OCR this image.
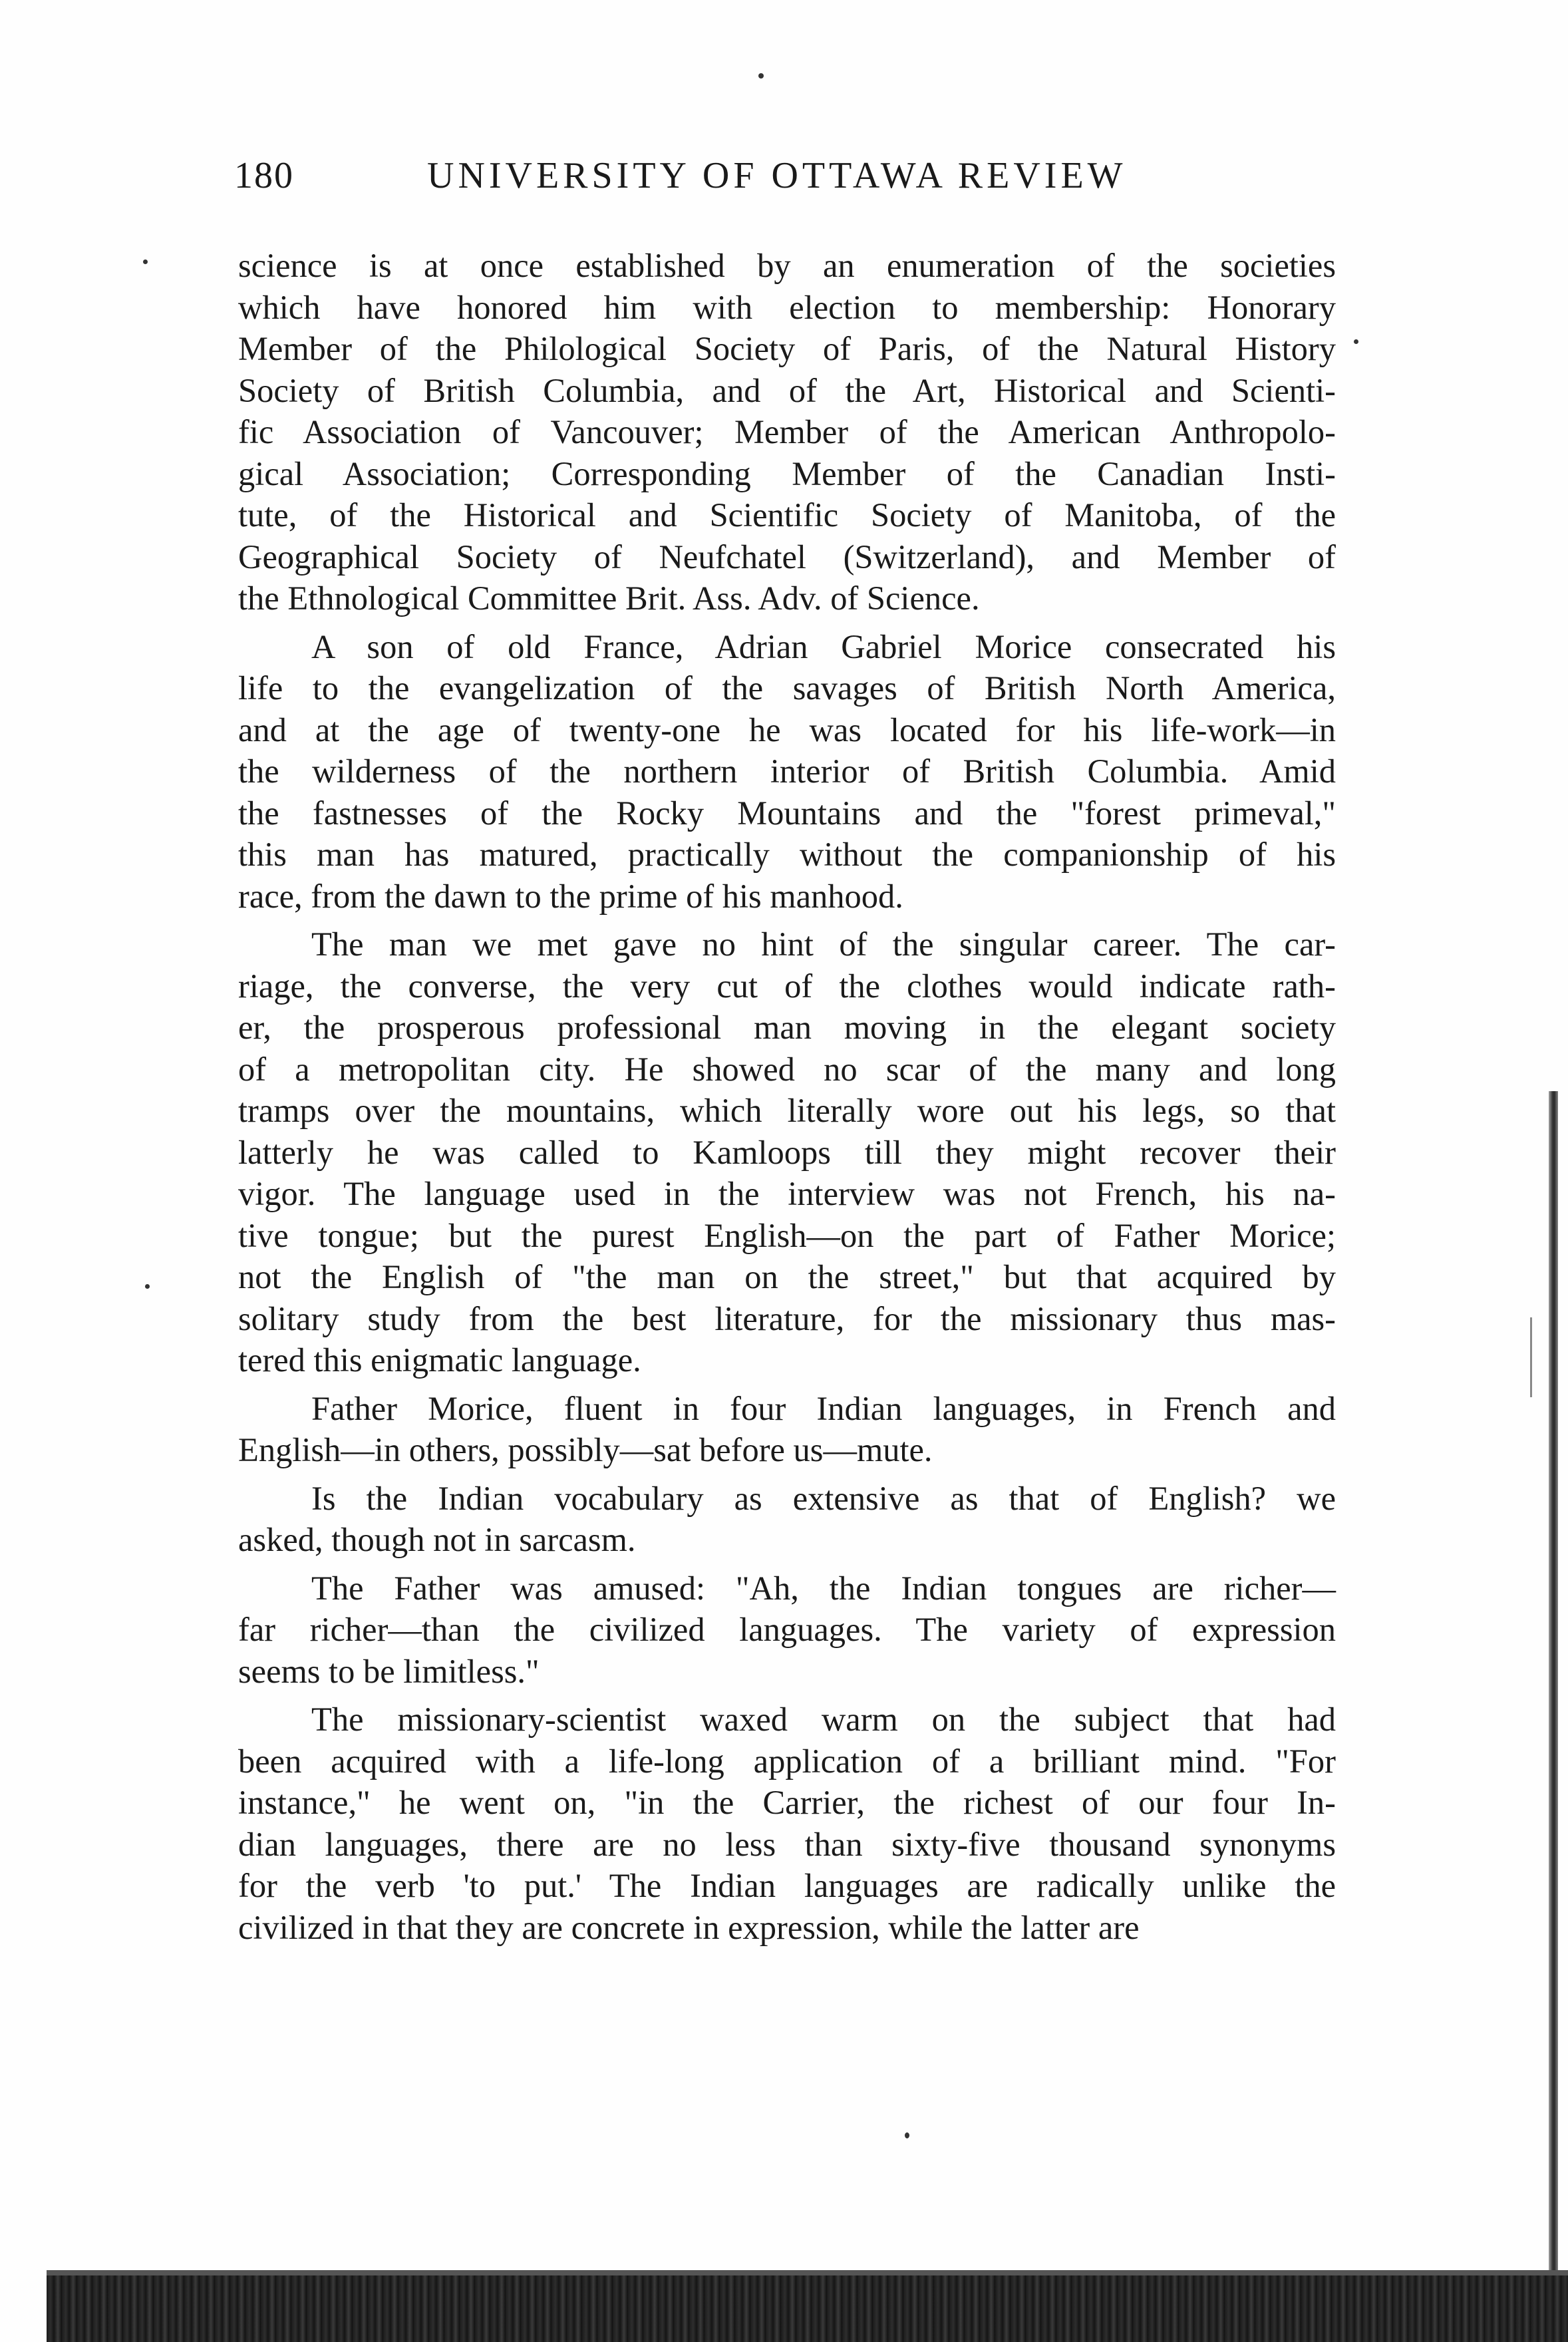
180	UNIVERSITY OF OTTAWA REVIEW
science is at once established by an enumeration of the societies
which have honored him with election to membership: Honorary
Member of the Philological Society of Paris, of the Natural History
Society of British Columbia, and of the Art, Historical and Scienti-
fic Association of Vancouver; Member of the American Anthropolo-
gical Association; Corresponding Member of the Canadian Insti-
tute, of the Historical and Scientific Society of Manitoba, of the
Geographical Society of Neufchatel (Switzerland), and Member of
the Ethnological Committee Brit. Ass. Adv. of Science.
A son of old France, Adrian Gabriel Morice consecrated his
life to the evangelization of the savages of British North America,
and at the age of twenty-one he was located for his life-work—in
the wilderness of the northern interior of British Columbia. Amid
the fastnesses of the Rocky Mountains and the "forest primeval,"
this man has matured, practically without the companionship of his
race, from the dawn to the prime of his manhood.
The man we met gave no hint of the singular career. The car-
riage, the converse, the very cut of the clothes would indicate rath-
er, the prosperous professional man moving in the elegant society
of a metropolitan city. He showed no scar of the many and long
tramps over the mountains, which literally wore out his legs, so that
latterly he was called to Kamloops till they might recover their
vigor. The language used in the interview was not French, his na-
tive tongue; but the purest English—on the part of Father Morice;
not the English of "the man on the street," but that acquired by
solitary study from the best literature, for the missionary thus mas-
tered this enigmatic language.
Father Morice, fluent in four Indian languages, in French and
English—in others, possibly—sat before us—mute.
Is the Indian vocabulary as extensive as that of English? we
asked, though not in sarcasm.
The Father was amused: "Ah, the Indian tongues are richer—
far richer—than the civilized languages. The variety of expression
seems to be limitless."
The missionary-scientist waxed warm on the subject that had
been acquired with a life-long application of a brilliant mind. "For
instance," he went on, "in the Carrier, the richest of our four In-
dian languages, there are no less than sixty-five thousand synonyms
for the verb 'to put.' The Indian languages are radically unlike the
civilized in that they are concrete in expression, while the latter are
